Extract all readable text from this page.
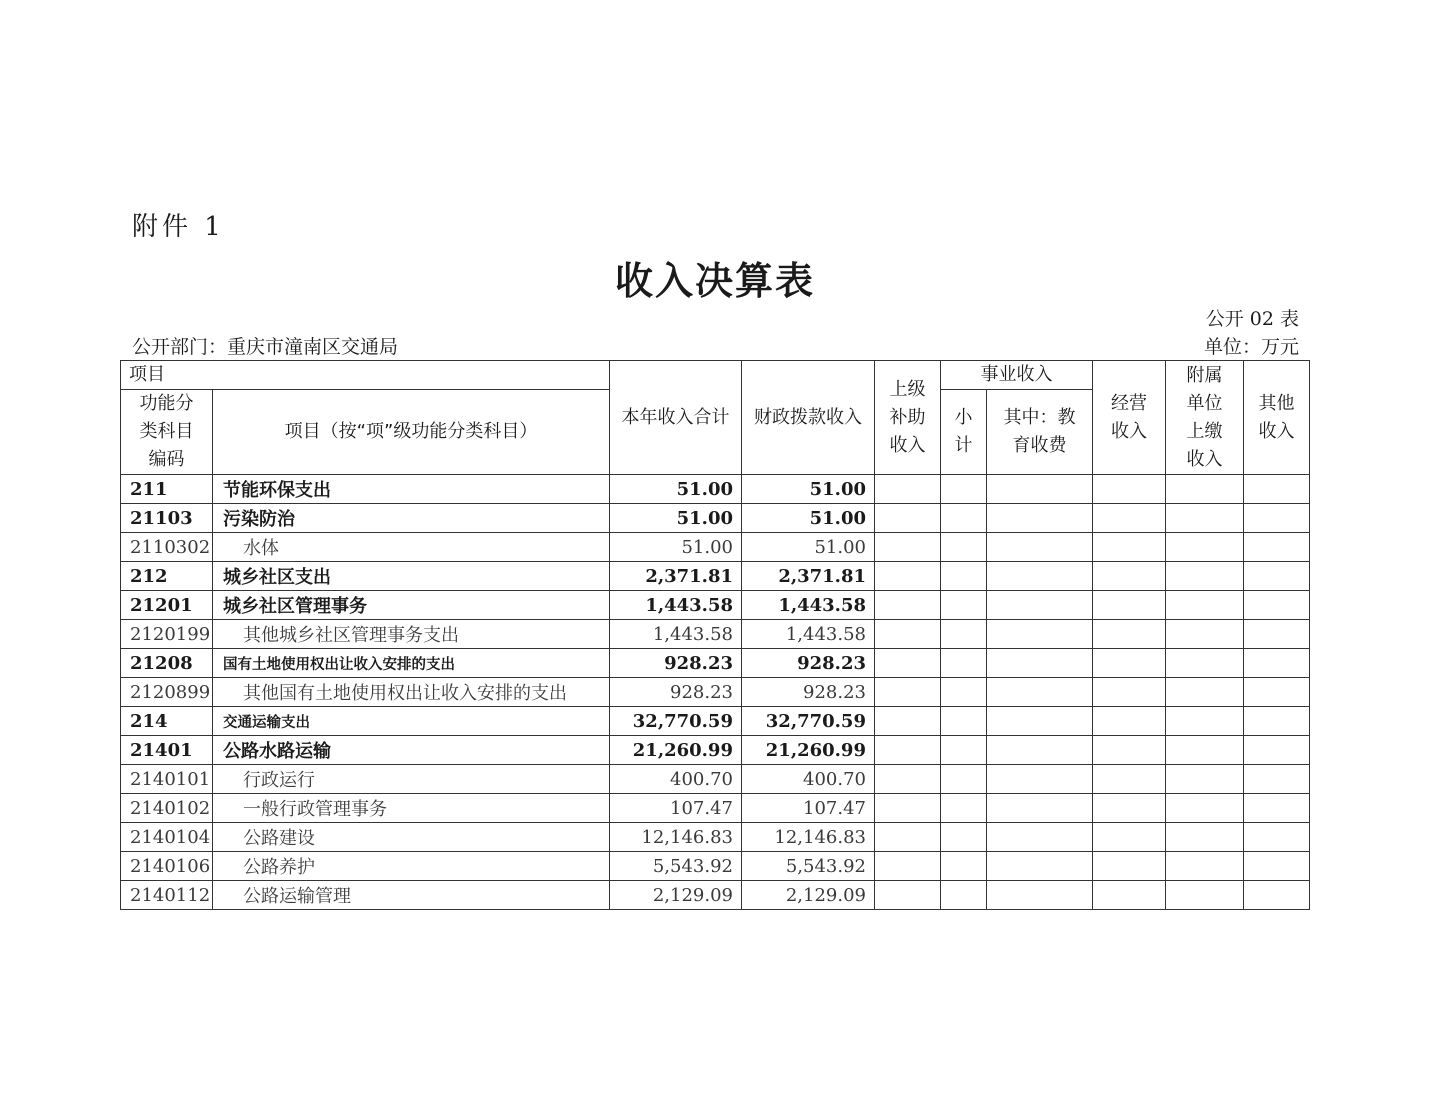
附件 1
收入决算表
公开 02 表
公开部门：重庆市潼南区交通局	单位：万元
项目		本年收入合计	财政拨款收入	上级补助收入	事业收入		经营收入	附属单位上缴收入	其他收入
功能分类科目编码	项目（按“项”级功能分类科目）				小计	其中：教育收费			
211	节能环保支出	51.00	51.00						
21103	污染防治	51.00	51.00						
2110302	水体	51.00	51.00						
212	城乡社区支出	2,371.81	2,371.81						
21201	城乡社区管理事务	1,443.58	1,443.58						
2120199	其他城乡社区管理事务支出	1,443.58	1,443.58						
21208	国有土地使用权出让收入安排的支出	928.23	928.23						
2120899	其他国有土地使用权出让收入安排的支出	928.23	928.23						
214	交通运输支出	32,770.59	32,770.59						
21401	公路水路运输	21,260.99	21,260.99						
2140101	行政运行	400.70	400.70						
2140102	一般行政管理事务	107.47	107.47						
2140104	公路建设	12,146.83	12,146.83						
2140106	公路养护	5,543.92	5,543.92						
2140112	公路运输管理	2,129.09	2,129.09						
